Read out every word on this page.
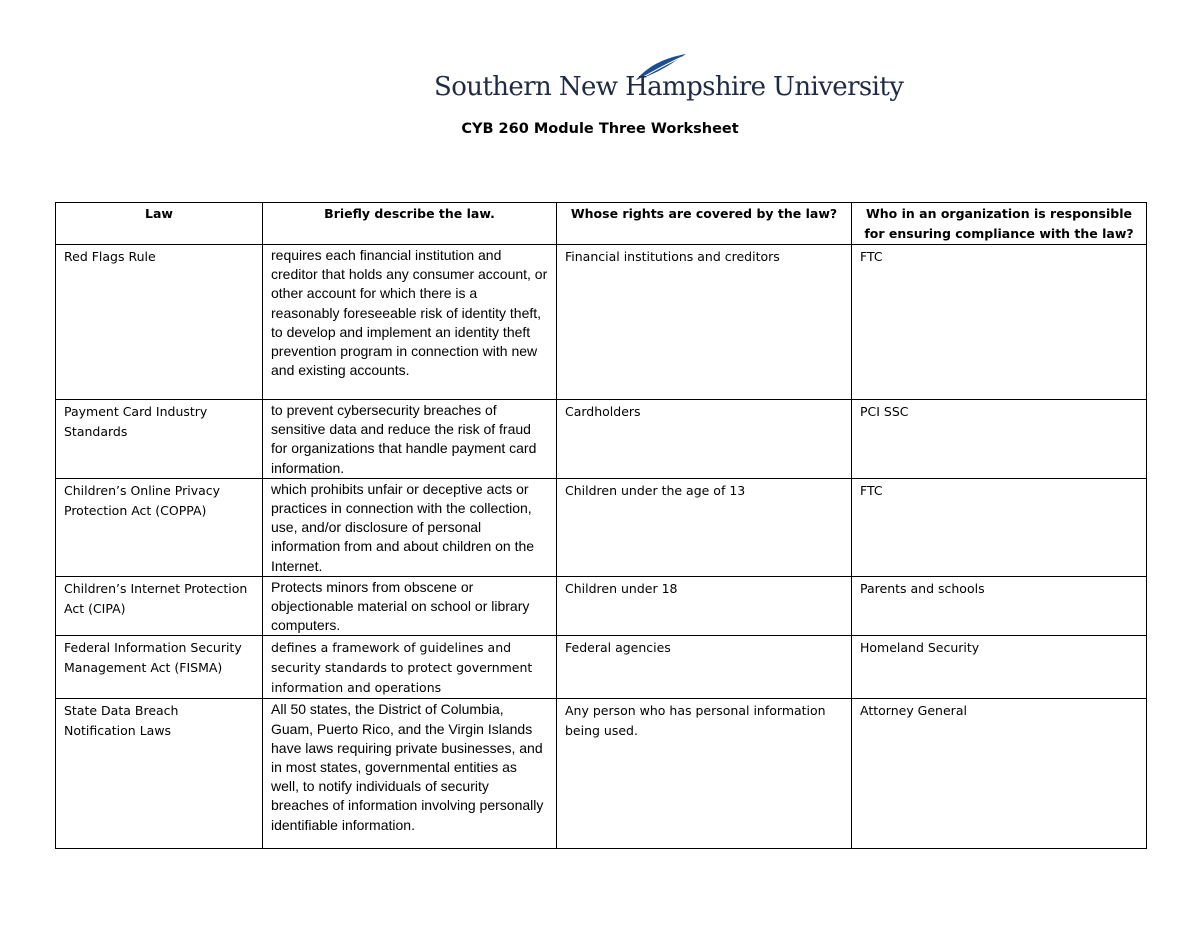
Southern New Hampshire University
CYB 260 Module Three Worksheet
Law	Briefly describe the law.	Whose rights are covered by the law?	Who in an organization is responsible for ensuring compliance with the law?
Red Flags Rule	requires each financial institution and creditor that holds any consumer account, or other account for which there is a reasonably foreseeable risk of identity theft, to develop and implement an identity theft prevention program in connection with new and existing accounts.	Financial institutions and creditors	FTC
Payment Card Industry Standards	to prevent cybersecurity breaches of sensitive data and reduce the risk of fraud for organizations that handle payment card information.	Cardholders	PCI SSC
Children’s Online Privacy Protection Act (COPPA)	which prohibits unfair or deceptive acts or practices in connection with the collection, use, and/or disclosure of personal information from and about children on the Internet.	Children under the age of 13	FTC
Children’s Internet Protection Act (CIPA)	Protects minors from obscene or objectionable material on school or library computers.	Children under 18	Parents and schools
Federal Information Security Management Act (FISMA)	defines a framework of guidelines and security standards to protect government information and operations	Federal agencies	Homeland Security
State Data Breach Notification Laws	All 50 states, the District of Columbia, Guam, Puerto Rico, and the Virgin Islands have laws requiring private businesses, and in most states, governmental entities as well, to notify individuals of security breaches of information involving personally identifiable information.	Any person who has personal information being used.	Attorney General
